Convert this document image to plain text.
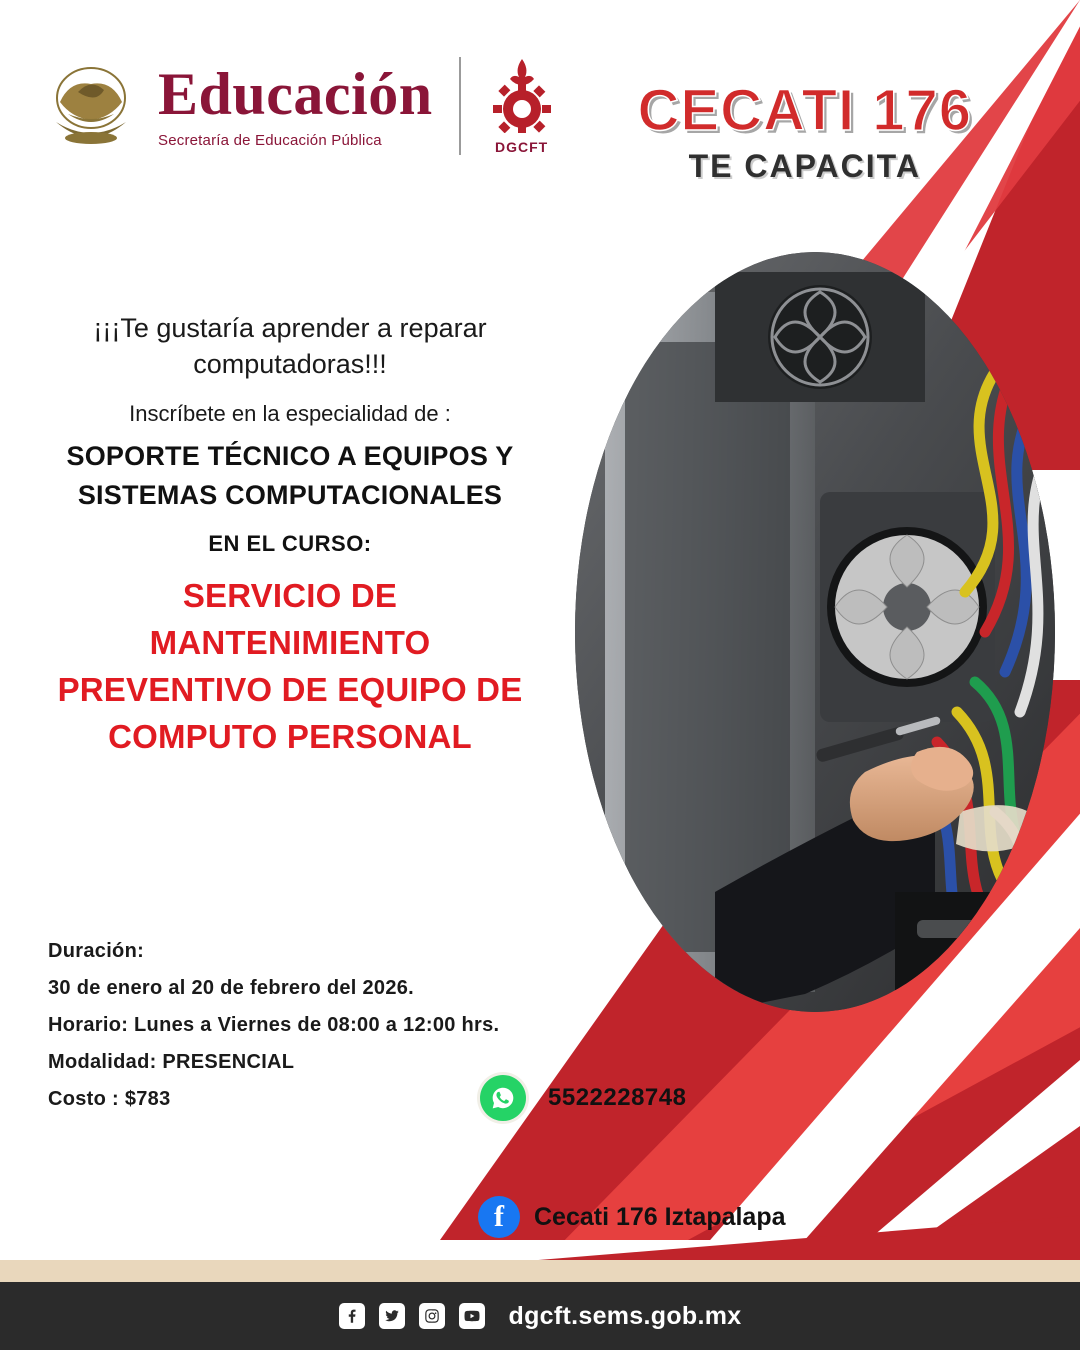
Educación
Secretaría de Educación Pública	DGCFT
CECATI 176
TE CAPACITA
¡¡¡Te gustaría aprender a reparar computadoras!!!
Inscríbete en la especialidad de :
SOPORTE TÉCNICO A EQUIPOS Y SISTEMAS COMPUTACIONALES
EN EL CURSO:
SERVICIO DE MANTENIMIENTO PREVENTIVO DE EQUIPO DE COMPUTO PERSONAL
Duración:
30 de enero al 20 de febrero del 2026.
Horario: Lunes a Viernes de 08:00 a 12:00 hrs.
Modalidad: PRESENCIAL
Costo : $783	5522228748
f Cecati 176 Iztapalapa
dgcft.sems.gob.mx
